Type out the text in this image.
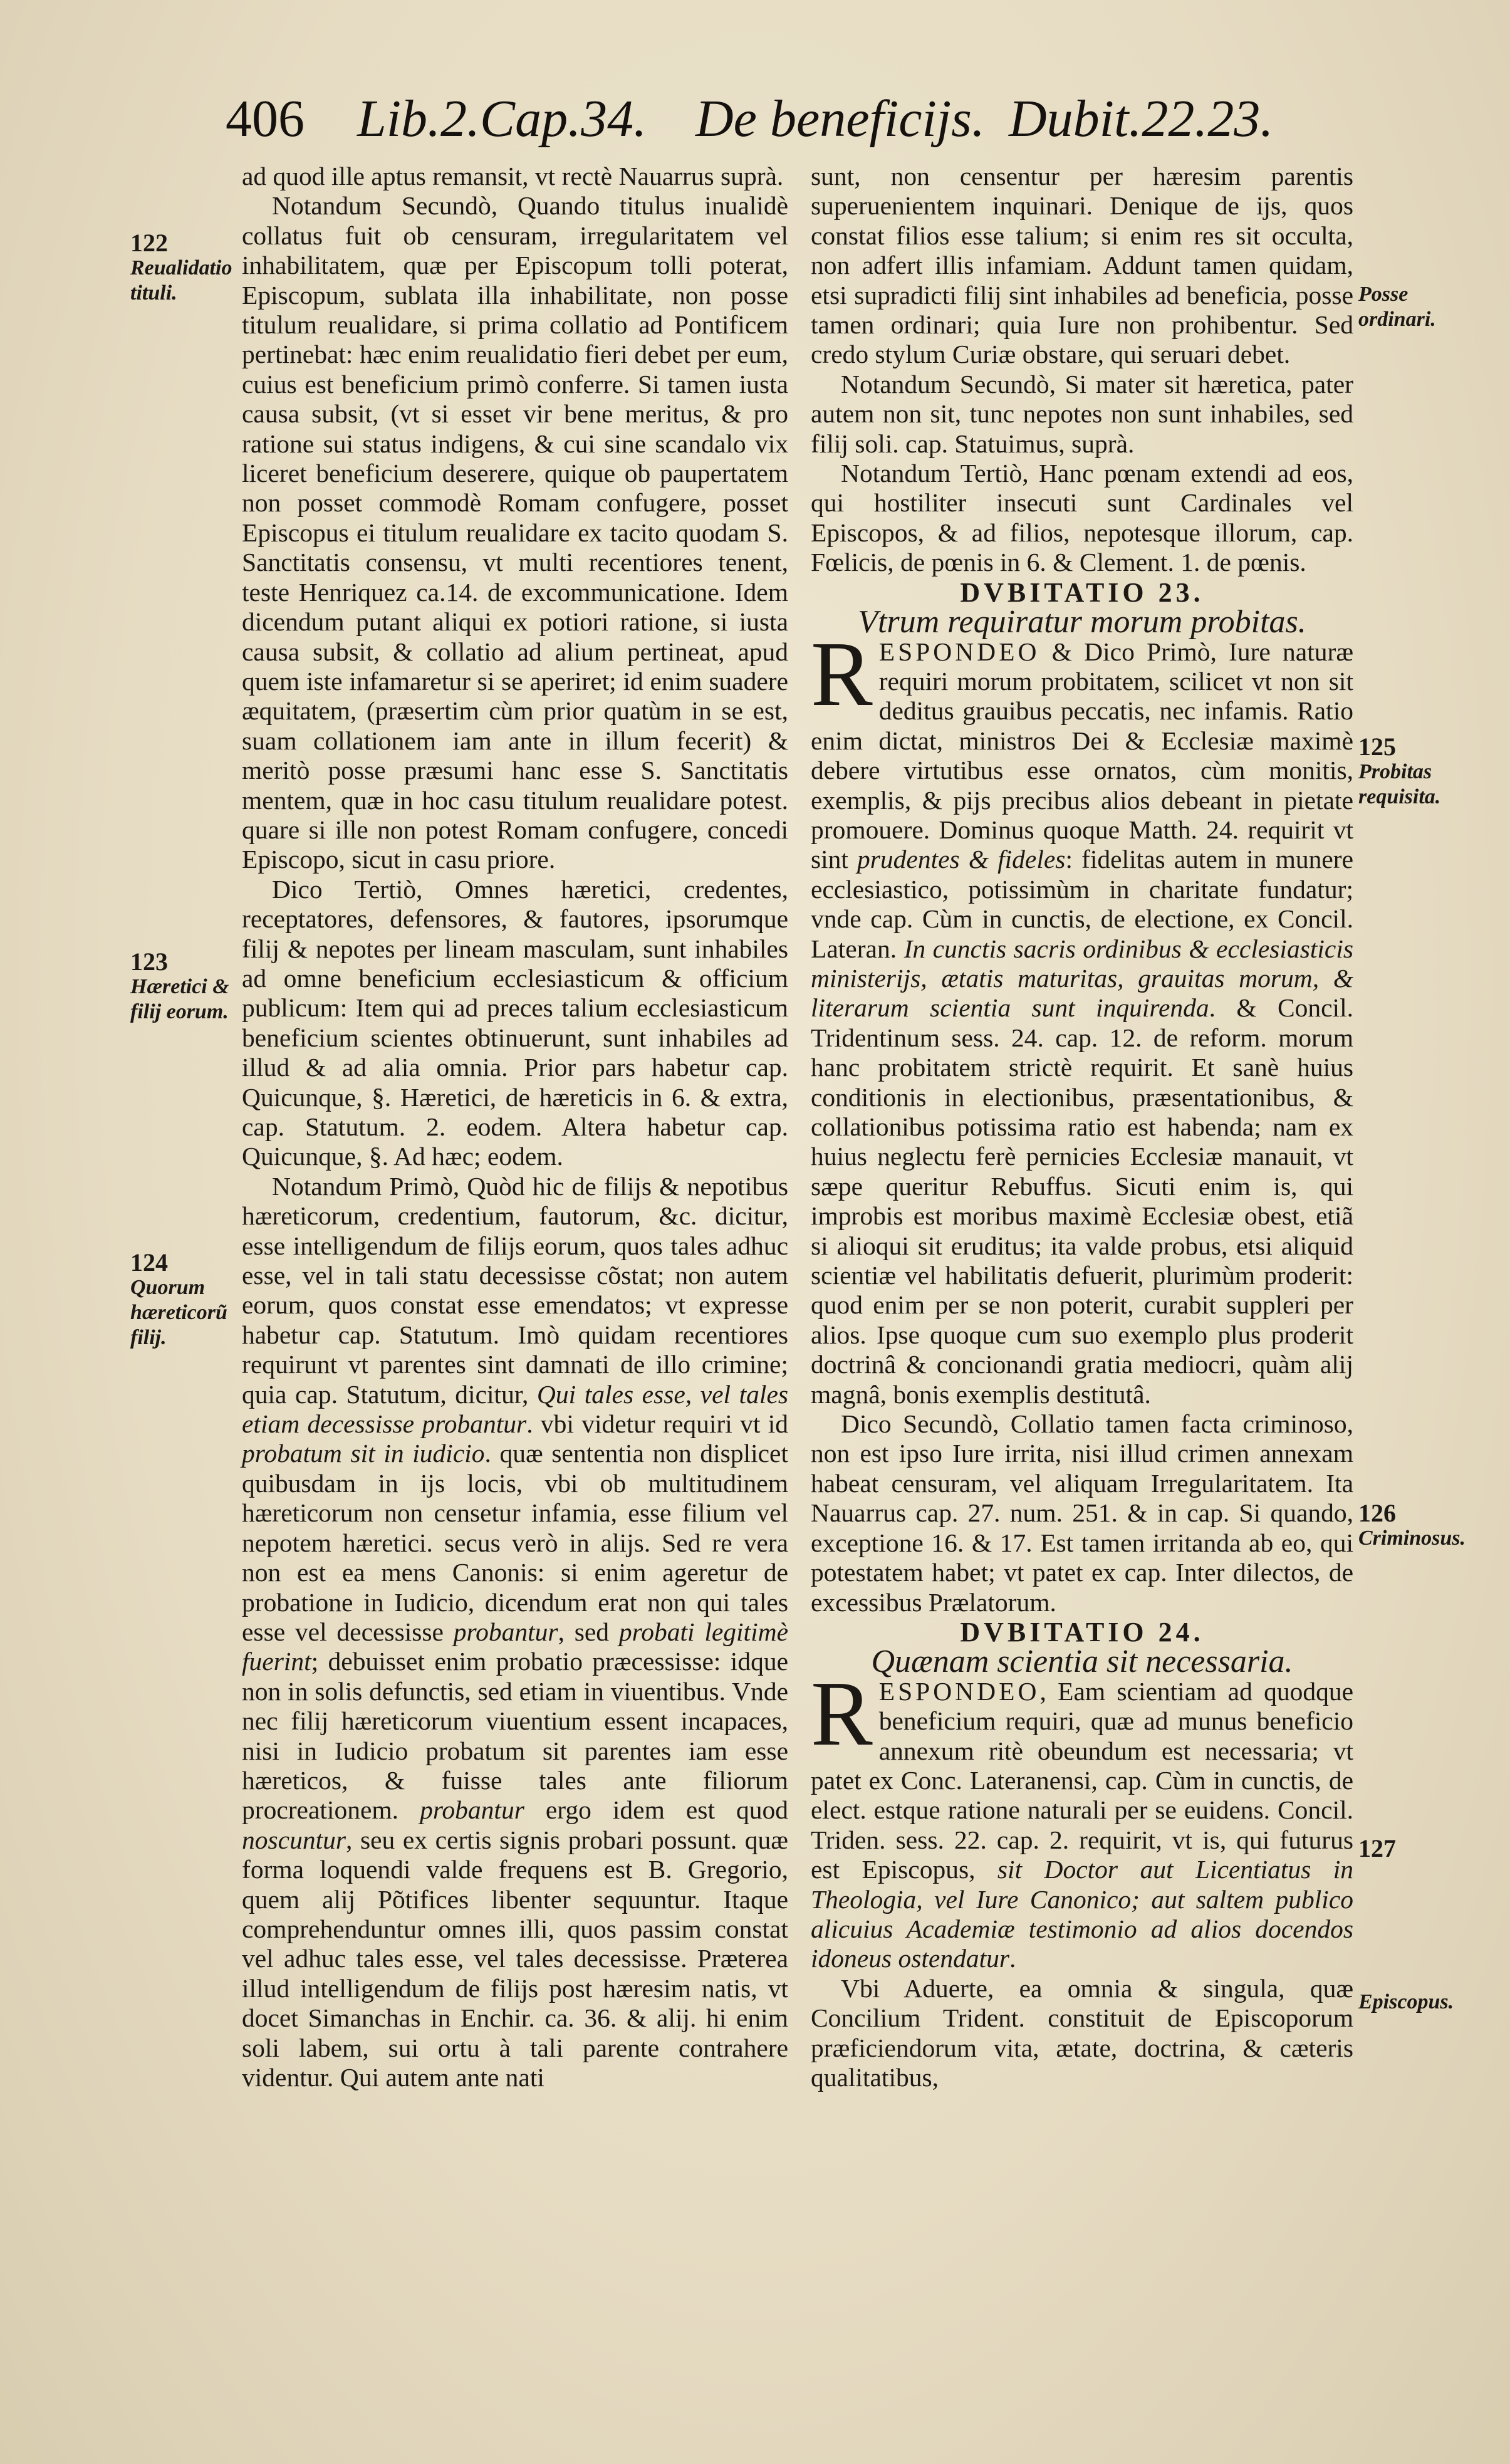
406 Lib.2.Cap.34. De beneficijs. Dubit.22.23.

ad quod ille aptus remansit, vt rectè Nauarrus suprà.

Notandum Secundò, Quando titulus inualidè collatus fuit ob censuram, irregularitatem vel inhabilitatem, quæ per Episcopum tolli poterat, Episcopum, sublata illa inhabilitate, non posse titulum reualidare, si prima collatio ad Pontificem pertinebat: hæc enim reualidatio fieri debet per eum, cuius est beneficium primò conferre. Si tamen iusta causa subsit, (vt si esset vir bene meritus, & pro ratione sui status indigens, & cui sine scandalo vix liceret beneficium deserere, quique ob paupertatem non posset commodè Romam confugere, posset Episcopus ei titulum reualidare ex tacito quodam S. Sanctitatis consensu, vt multi recentiores tenent, teste Henriquez ca.14. de excommunicatione. Idem dicendum putant aliqui ex potiori ratione, si iusta causa subsit, & collatio ad alium pertineat, apud quem iste infamaretur si se aperiret; id enim suadere æquitatem, (præsertim cùm prior quatùm in se est, suam collationem iam ante in illum fecerit) & meritò posse præsumi hanc esse S. Sanctitatis mentem, quæ in hoc casu titulum reualidare potest. quare si ille non potest Romam confugere, concedi Episcopo, sicut in casu priore.

Dico Tertiò, Omnes hæretici, credentes, receptatores, defensores, & fautores, ipsorumque filij & nepotes per lineam masculam, sunt inhabiles ad omne beneficium ecclesiasticum & officium publicum: Item qui ad preces talium ecclesiasticum beneficium scientes obtinuerunt, sunt inhabiles ad illud & ad alia omnia. Prior pars habetur cap. Quicunque, §. Hæretici, de hæreticis in 6. & extra, cap. Statutum. 2. eodem. Altera habetur cap. Quicunque, §. Ad hæc; eodem.

Notandum Primò, Quòd hic de filijs & nepotibus hæreticorum, credentium, fautorum, &c. dicitur, esse intelligendum de filijs eorum, quos tales adhuc esse, vel in tali statu decessisse cõstat; non autem eorum, quos constat esse emendatos; vt expresse habetur cap. Statutum. Imò quidam recentiores requirunt vt parentes sint damnati de illo crimine; quia cap. Statutum, dicitur, Qui tales esse, vel tales etiam decessisse probantur. vbi videtur requiri vt id probatum sit in iudicio. quæ sententia non displicet quibusdam in ijs locis, vbi ob multitudinem hæreticorum non censetur infamia, esse filium vel nepotem hæretici. secus verò in alijs. Sed re vera non est ea mens Canonis: si enim ageretur de probatione in Iudicio, dicendum erat non qui tales esse vel decessisse probantur, sed probati legitimè fuerint; debuisset enim probatio præcessisse: idque non in solis defunctis, sed etiam in viuentibus. Vnde nec filij hæreticorum viuentium essent incapaces, nisi in Iudicio probatum sit parentes iam esse hæreticos, & fuisse tales ante filiorum procreationem. probantur ergo idem est quod noscuntur, seu ex certis signis probari possunt. quæ forma loquendi valde frequens est B. Gregorio, quem alij Põtifices libenter sequuntur. Itaque comprehenduntur omnes illi, quos passim constat vel adhuc tales esse, vel tales decessisse. Præterea illud intelligendum de filijs post hæresim natis, vt docet Simanchas in Enchir. ca. 36. & alij. hi enim soli labem, sui ortu à tali parente contrahere videntur. Qui autem ante nati

sunt, non censentur per hæresim parentis superuenientem inquinari. Denique de ijs, quos constat filios esse talium; si enim res sit occulta, non adfert illis infamiam. Addunt tamen quidam, etsi supradicti filij sint inhabiles ad beneficia, posse tamen ordinari; quia Iure non prohibentur. Sed credo stylum Curiæ obstare, qui seruari debet.

Notandum Secundò, Si mater sit hæretica, pater autem non sit, tunc nepotes non sunt inhabiles, sed filij soli. cap. Statuimus, suprà.

Notandum Tertiò, Hanc pœnam extendi ad eos, qui hostiliter insecuti sunt Cardinales vel Episcopos, & ad filios, nepotesque illorum, cap. Fœlicis, de pœnis in 6. & Clement. 1. de pœnis.

DVBITATIO 23.

Vtrum requiratur morum probitas.

RESPONDEO & Dico Primò, Iure naturæ requiri morum probitatem, scilicet vt non sit deditus grauibus peccatis, nec infamis. Ratio enim dictat, ministros Dei & Ecclesiæ maximè debere virtutibus esse ornatos, cùm monitis, exemplis, & pijs precibus alios debeant in pietate promouere. Dominus quoque Matth. 24. requirit vt sint prudentes & fideles: fidelitas autem in munere ecclesiastico, potissimùm in charitate fundatur; vnde cap. Cùm in cunctis, de electione, ex Concil. Lateran. In cunctis sacris ordinibus & ecclesiasticis ministerijs, ætatis maturitas, grauitas morum, & literarum scientia sunt inquirenda. & Concil. Tridentinum sess. 24. cap. 12. de reform. morum hanc probitatem strictè requirit. Et sanè huius conditionis in electionibus, præsentationibus, & collationibus potissima ratio est habenda; nam ex huius neglectu ferè pernicies Ecclesiæ manauit, vt sæpe queritur Rebuffus. Sicuti enim is, qui improbis est moribus maximè Ecclesiæ obest, etiã si alioqui sit eruditus; ita valde probus, etsi aliquid scientiæ vel habilitatis defuerit, plurimùm proderit: quod enim per se non poterit, curabit suppleri per alios. Ipse quoque cum suo exemplo plus proderit doctrinâ & concionandi gratia mediocri, quàm alij magnâ, bonis exemplis destitutâ.

Dico Secundò, Collatio tamen facta criminoso, non est ipso Iure irrita, nisi illud crimen annexam habeat censuram, vel aliquam Irregularitatem. Ita Nauarrus cap. 27. num. 251. & in cap. Si quando, exceptione 16. & 17. Est tamen irritanda ab eo, qui potestatem habet; vt patet ex cap. Inter dilectos, de excessibus Prælatorum.

DVBITATIO 24.

Quænam scientia sit necessaria.

RESPONDEO, Eam scientiam ad quodque beneficium requiri, quæ ad munus beneficio annexum ritè obeundum est necessaria; vt patet ex Conc. Lateranensi, cap. Cùm in cunctis, de elect. estque ratione naturali per se euidens. Concil. Triden. sess. 22. cap. 2. requirit, vt is, qui futurus est Episcopus, sit Doctor aut Licentiatus in Theologia, vel Iure Canonico; aut saltem publico alicuius Academiæ testimonio ad alios docendos idoneus ostendatur.

Vbi Aduerte, ea omnia & singula, quæ Concilium Trident. constituit de Episcoporum præficiendorum vita, ætate, doctrina, & cæteris qualitatibus,

122
Reualidatio tituli.
123
Hæretici & filij eorum.
124
Quorum hæreticorũ filij.
Posse ordinari.
125
Probitas requisita.
126
Criminosus.
127
Episcopus.
